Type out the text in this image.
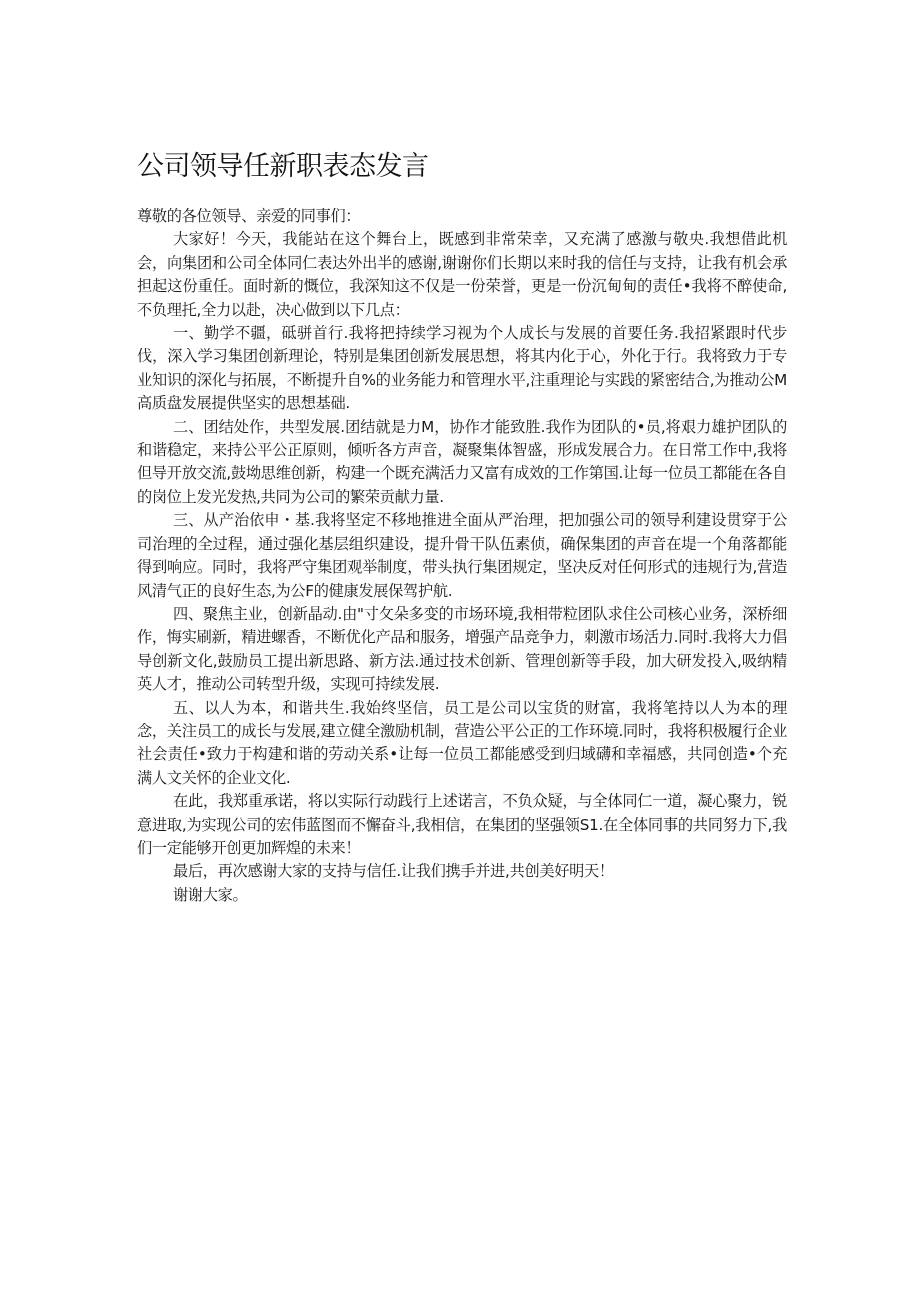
公司领导任新职表态发言

尊敬的各位领导、亲爱的同事们：

大家好！今天，我能站在这个舞台上，既感到非常荣幸，又充满了感激与敬央.我想借此机会，向集团和公司全体同仁表达外出半的感谢,谢谢你们长期以来时我的信任与支持，让我有机会承担起这份重任。面时新的慨位，我深知这不仅是一份荣誉，更是一份沉甸甸的责任•我将不醉使命,不负理托,全力以赴，决心做到以下几点：

一、勤学不疆，砥骈首行.我将把持续学习视为个人成长与发展的首要任务.我招紧跟时代步伐，深入学习集团创新理论，特别是集团创新发展思想，将其内化于心，外化于行。我将致力于专业知识的深化与拓展，不断提升自%的业务能力和管理水平,注重理论与实践的紧密结合,为推动公M高质盘发展提供坚实的思想基础.

二、团结处作，共型发展.团结就是力M，协作才能致胜.我作为团队的•员,将艰力雄护团队的和谐稳定，来持公平公正原则，倾听各方声音，凝聚集体智盛，形成发展合力。在日常工作中,我将但导开放交流,鼓坳思维创新，构建一个既充满活力又富有成效的工作第国.让每一位员工都能在各自的岗位上发光发热,共同为公司的繁荣贡献力量.

三、从产治依申・基.我将坚定不移地推进全面从严治理，把加强公司的领导利建设贯穿于公司治理的全过程，通过强化基层组织建设，提升骨干队伍素侦，确保集团的声音在堤一个角落都能得到响应。同时，我将严守集团观举制度，带头执行集团规定，坚决反对任何形式的违规行为,营造风清气正的良好生态,为公F的健康发展保驾护航.

四、聚焦主业，创新晶动.由"寸攵朵多变的市场环境,我相带粒团队求住公司核心业务，深桥细作，悔实刷新，精进螺香，不断优化产品和服务，增强产品竞争力，刺激市场活力.同时.我将大力倡导创新文化,鼓励员工提出新思路、新方法.通过技术创新、管理创新等手段，加大研发投入,吸纳精英人才，推动公司转型升级，实现可持续发展.

五、以人为本，和谐共生.我始终坚信，员工是公司以宝货的财富，我将笔持以人为本的理念，关注员工的成长与发展,建立健全激励机制，营造公平公正的工作环境.同时，我将积极履行企业社会责任•致力于构建和谐的劳动关系•让每一位员工都能感受到归域礴和幸福感，共同创造•个充满人文关怀的企业文化.

在此，我郑重承诺，将以实际行动践行上述诺言，不负众疑，与全体同仁一道，凝心聚力，锐意进取,为实现公司的宏伟蓝图而不懈奋斗,我相信，在集团的坚强领S1.在全体同事的共同努力下,我们一定能够开创更加辉煌的未来！

最后，再次感谢大家的支持与信任.让我们携手并进,共创美好明天！

谢谢大家。
